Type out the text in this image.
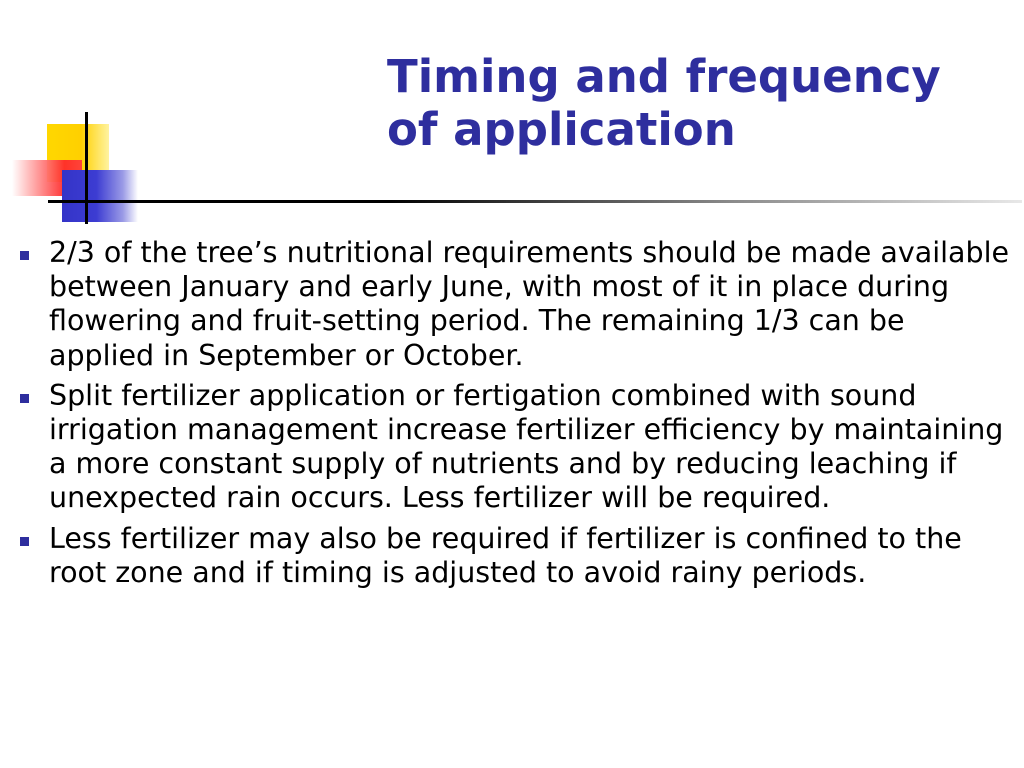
Timing and frequency
of application
2/3 of the tree’s nutritional requirements should be made available between January and early June, with most of it in place during flowering and fruit-setting period. The remaining 1/3 can be applied in September or October.
Split fertilizer application or fertigation combined with sound irrigation management increase fertilizer efficiency by maintaining a more constant supply of nutrients and by reducing leaching if unexpected rain occurs. Less fertilizer will be required.
Less fertilizer may also be required if fertilizer is confined to the root zone and if timing is adjusted to avoid rainy periods.
